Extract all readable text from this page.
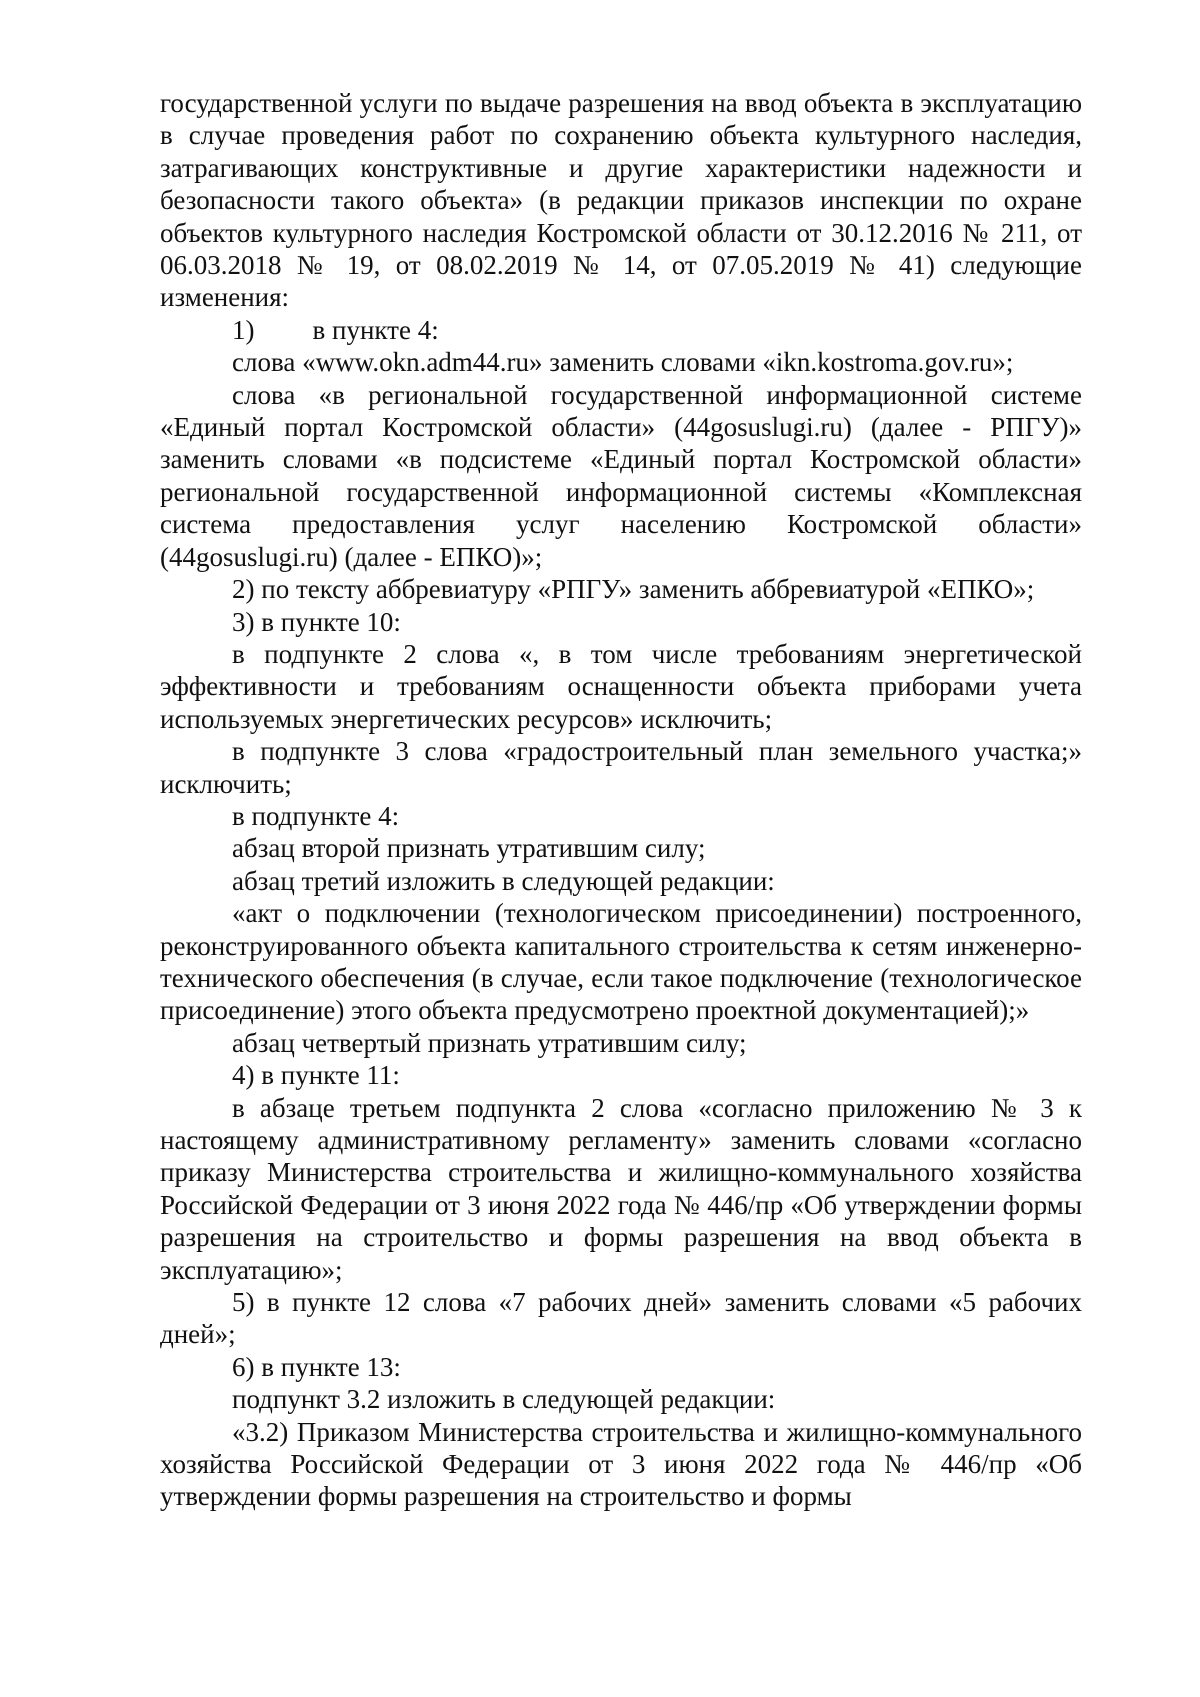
государственной услуги по выдаче разрешения на ввод объекта в эксплуатацию в случае проведения работ по сохранению объекта культурного наследия, затрагивающих конструктивные и другие характеристики надежности и безопасности такого объекта» (в редакции приказов инспекции по охране объектов культурного наследия Костромской области от 30.12.2016 № 211, от 06.03.2018 № 19, от 08.02.2019 № 14, от 07.05.2019 № 41) следующие изменения:

1) в пункте 4:

слова «www.okn.adm44.ru» заменить словами «ikn.kostroma.gov.ru»;

слова «в региональной государственной информационной системе «Единый портал Костромской области» (44gosuslugi.ru) (далее - РПГУ)» заменить словами «в подсистеме «Единый портал Костромской области» региональной государственной информационной системы «Комплексная система предоставления услуг населению Костромской области» (44gosuslugi.ru) (далее - ЕПКО)»;

2) по тексту аббревиатуру «РПГУ» заменить аббревиатурой «ЕПКО»;

3) в пункте 10:

в подпункте 2 слова «, в том числе требованиям энергетической эффективности и требованиям оснащенности объекта приборами учета используемых энергетических ресурсов» исключить;

в подпункте 3 слова «градостроительный план земельного участка;» исключить;

в подпункте 4:

абзац второй признать утратившим силу;

абзац третий изложить в следующей редакции:

«акт о подключении (технологическом присоединении) построенного, реконструированного объекта капитального строительства к сетям инженерно-технического обеспечения (в случае, если такое подключение (технологическое присоединение) этого объекта предусмотрено проектной документацией);»

абзац четвертый признать утратившим силу;

4) в пункте 11:

в абзаце третьем подпункта 2 слова «согласно приложению № 3 к настоящему административному регламенту» заменить словами «согласно приказу Министерства строительства и жилищно-коммунального хозяйства Российской Федерации от 3 июня 2022 года № 446/пр «Об утверждении формы разрешения на строительство и формы разрешения на ввод объекта в эксплуатацию»;

5) в пункте 12 слова «7 рабочих дней» заменить словами «5 рабочих дней»;

6) в пункте 13:

подпункт 3.2 изложить в следующей редакции:

«3.2) Приказом Министерства строительства и жилищно-коммунального хозяйства Российской Федерации от 3 июня 2022 года № 446/пр «Об утверждении формы разрешения на строительство и формы
